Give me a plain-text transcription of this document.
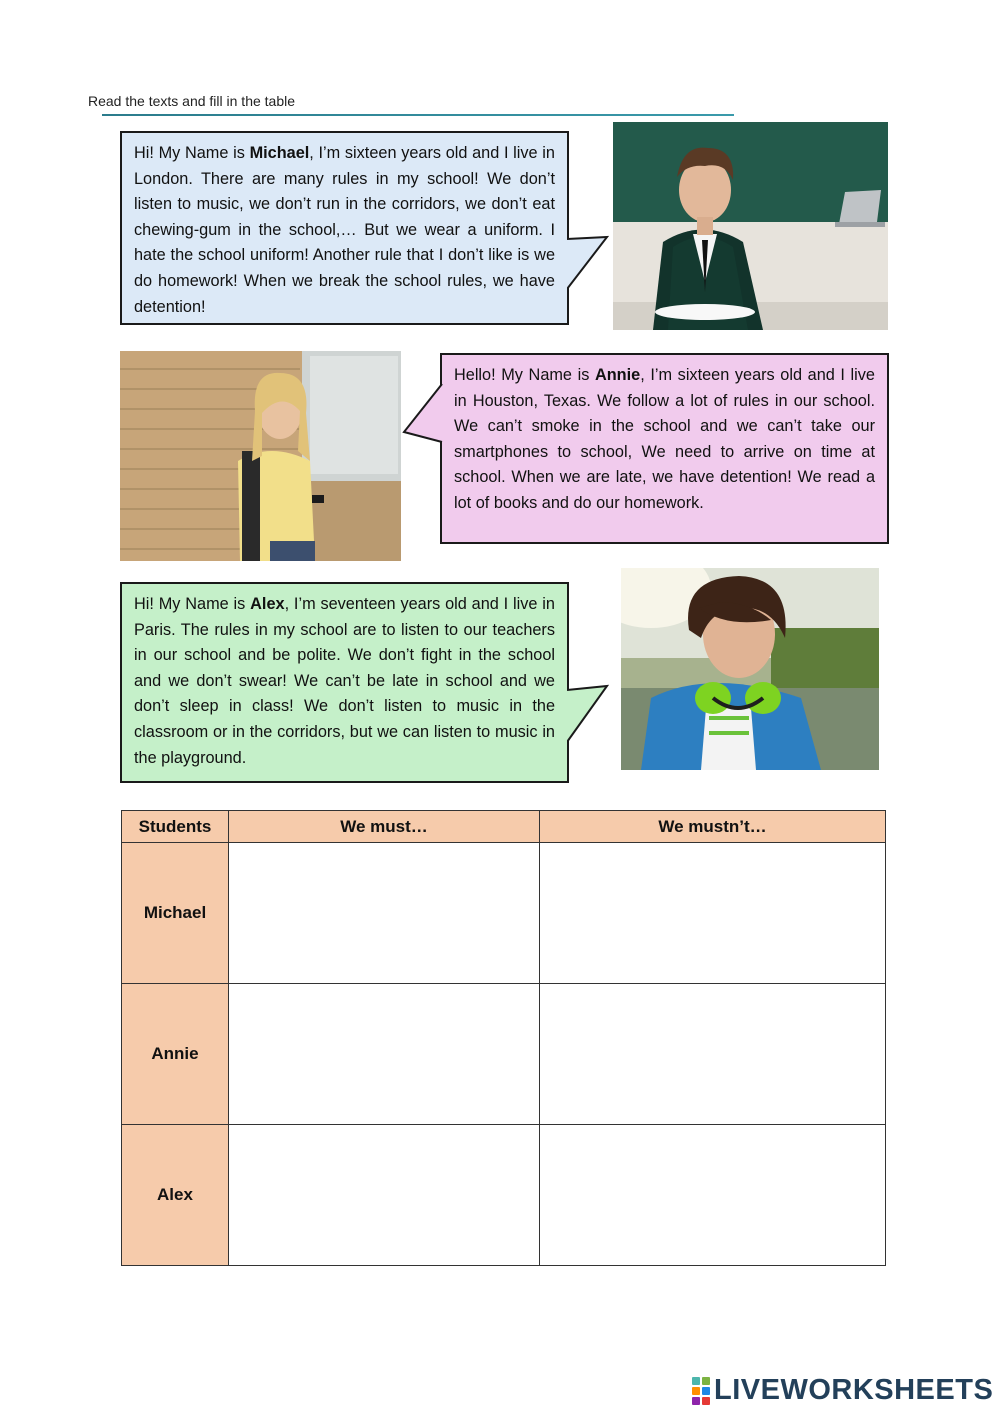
Read the texts and fill in the table
Hi! My Name is Michael, I’m sixteen years old and I live in London. There are many rules in my school! We don’t listen to music, we don’t run in the corridors, we don’t eat chewing-gum in the school,… But we wear a uniform. I hate the school uniform! Another rule that I don’t like is we do homework! When we break the school rules, we have detention!
Hello! My Name is Annie, I’m sixteen years old and I live in Houston, Texas. We follow a lot of rules in our school. We can’t smoke in the school and we can’t take our smartphones to school, We need to arrive on time at school. When we are late, we have detention! We read a lot of books and do our homework.
Hi! My Name is Alex, I’m seventeen years old and I live in Paris. The rules in my school are to listen to our teachers in our school and be polite. We don’t fight in the school and we don’t swear! We can’t be late in school and we don’t sleep in class! We don’t listen to music in the classroom or in the corridors, but we can listen to music in the playground.
Students	We must…	We mustn’t…
Michael		
Annie		
Alex		
LIVEWORKSHEETS
